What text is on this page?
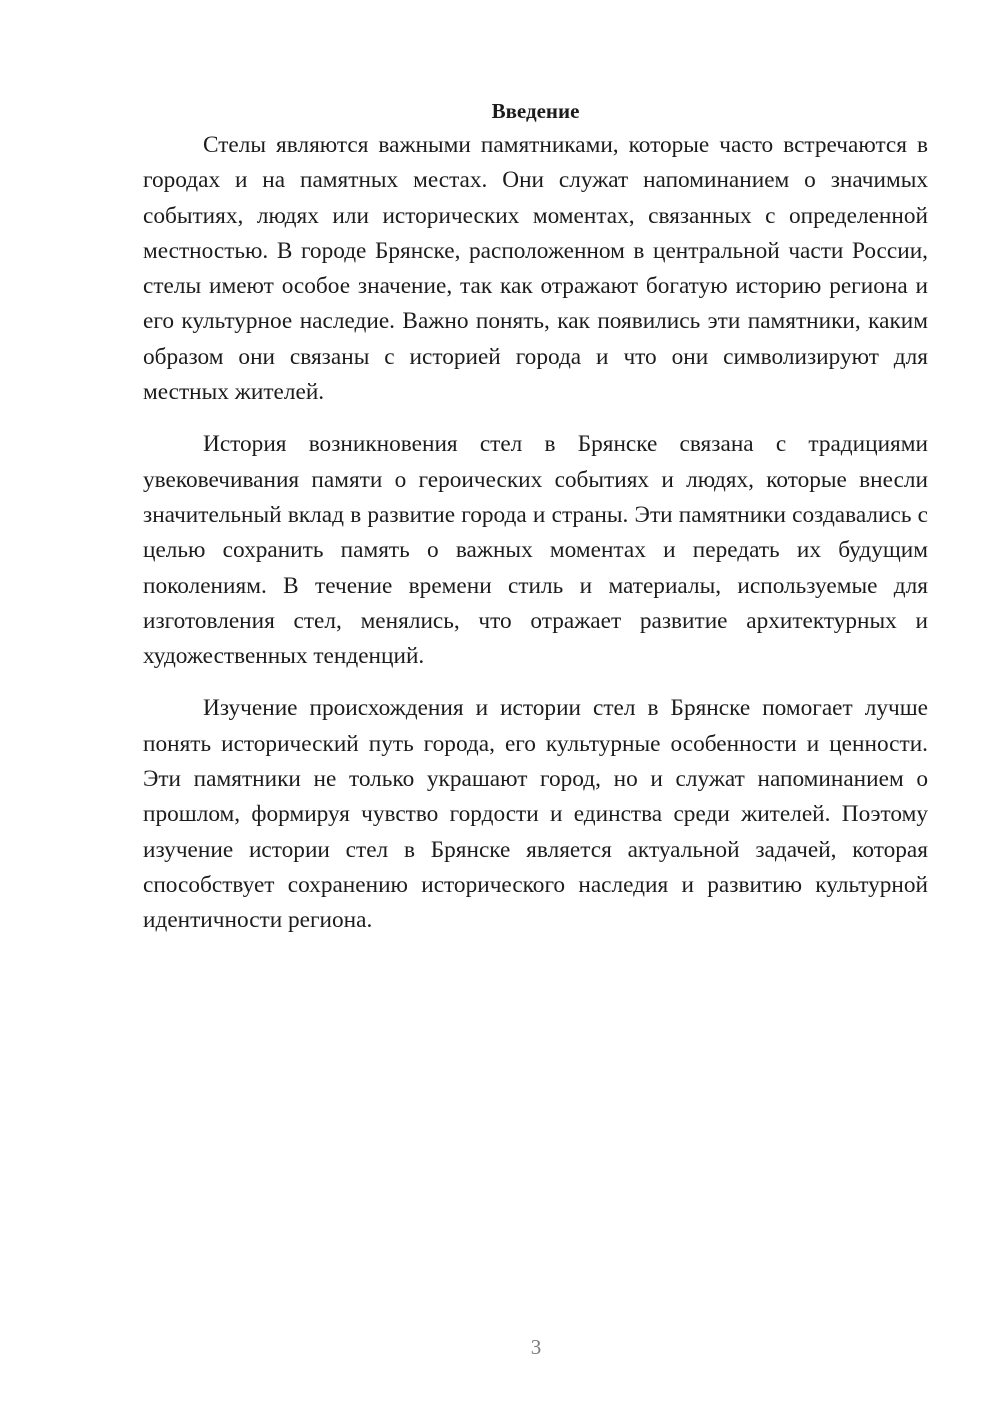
Введение

Стелы являются важными памятниками, которые часто встречаются в городах и на памятных местах. Они служат напоминанием о значимых событиях, людях или исторических моментах, связанных с определенной местностью. В городе Брянске, расположенном в центральной части России, стелы имеют особое значение, так как отражают богатую историю региона и его культурное наследие. Важно понять, как появились эти памятники, каким образом они связаны с историей города и что они символизируют для местных жителей.

История возникновения стел в Брянске связана с традициями увековечивания памяти о героических событиях и людях, которые внесли значительный вклад в развитие города и страны. Эти памятники создавались с целью сохранить память о важных моментах и передать их будущим поколениям. В течение времени стиль и материалы, используемые для изготовления стел, менялись, что отражает развитие архитектурных и художественных тенденций.

Изучение происхождения и истории стел в Брянске помогает лучше понять исторический путь города, его культурные особенности и ценности. Эти памятники не только украшают город, но и служат напоминанием о прошлом, формируя чувство гордости и единства среди жителей. Поэтому изучение истории стел в Брянске является актуальной задачей, которая способствует сохранению исторического наследия и развитию культурной идентичности региона.

3
